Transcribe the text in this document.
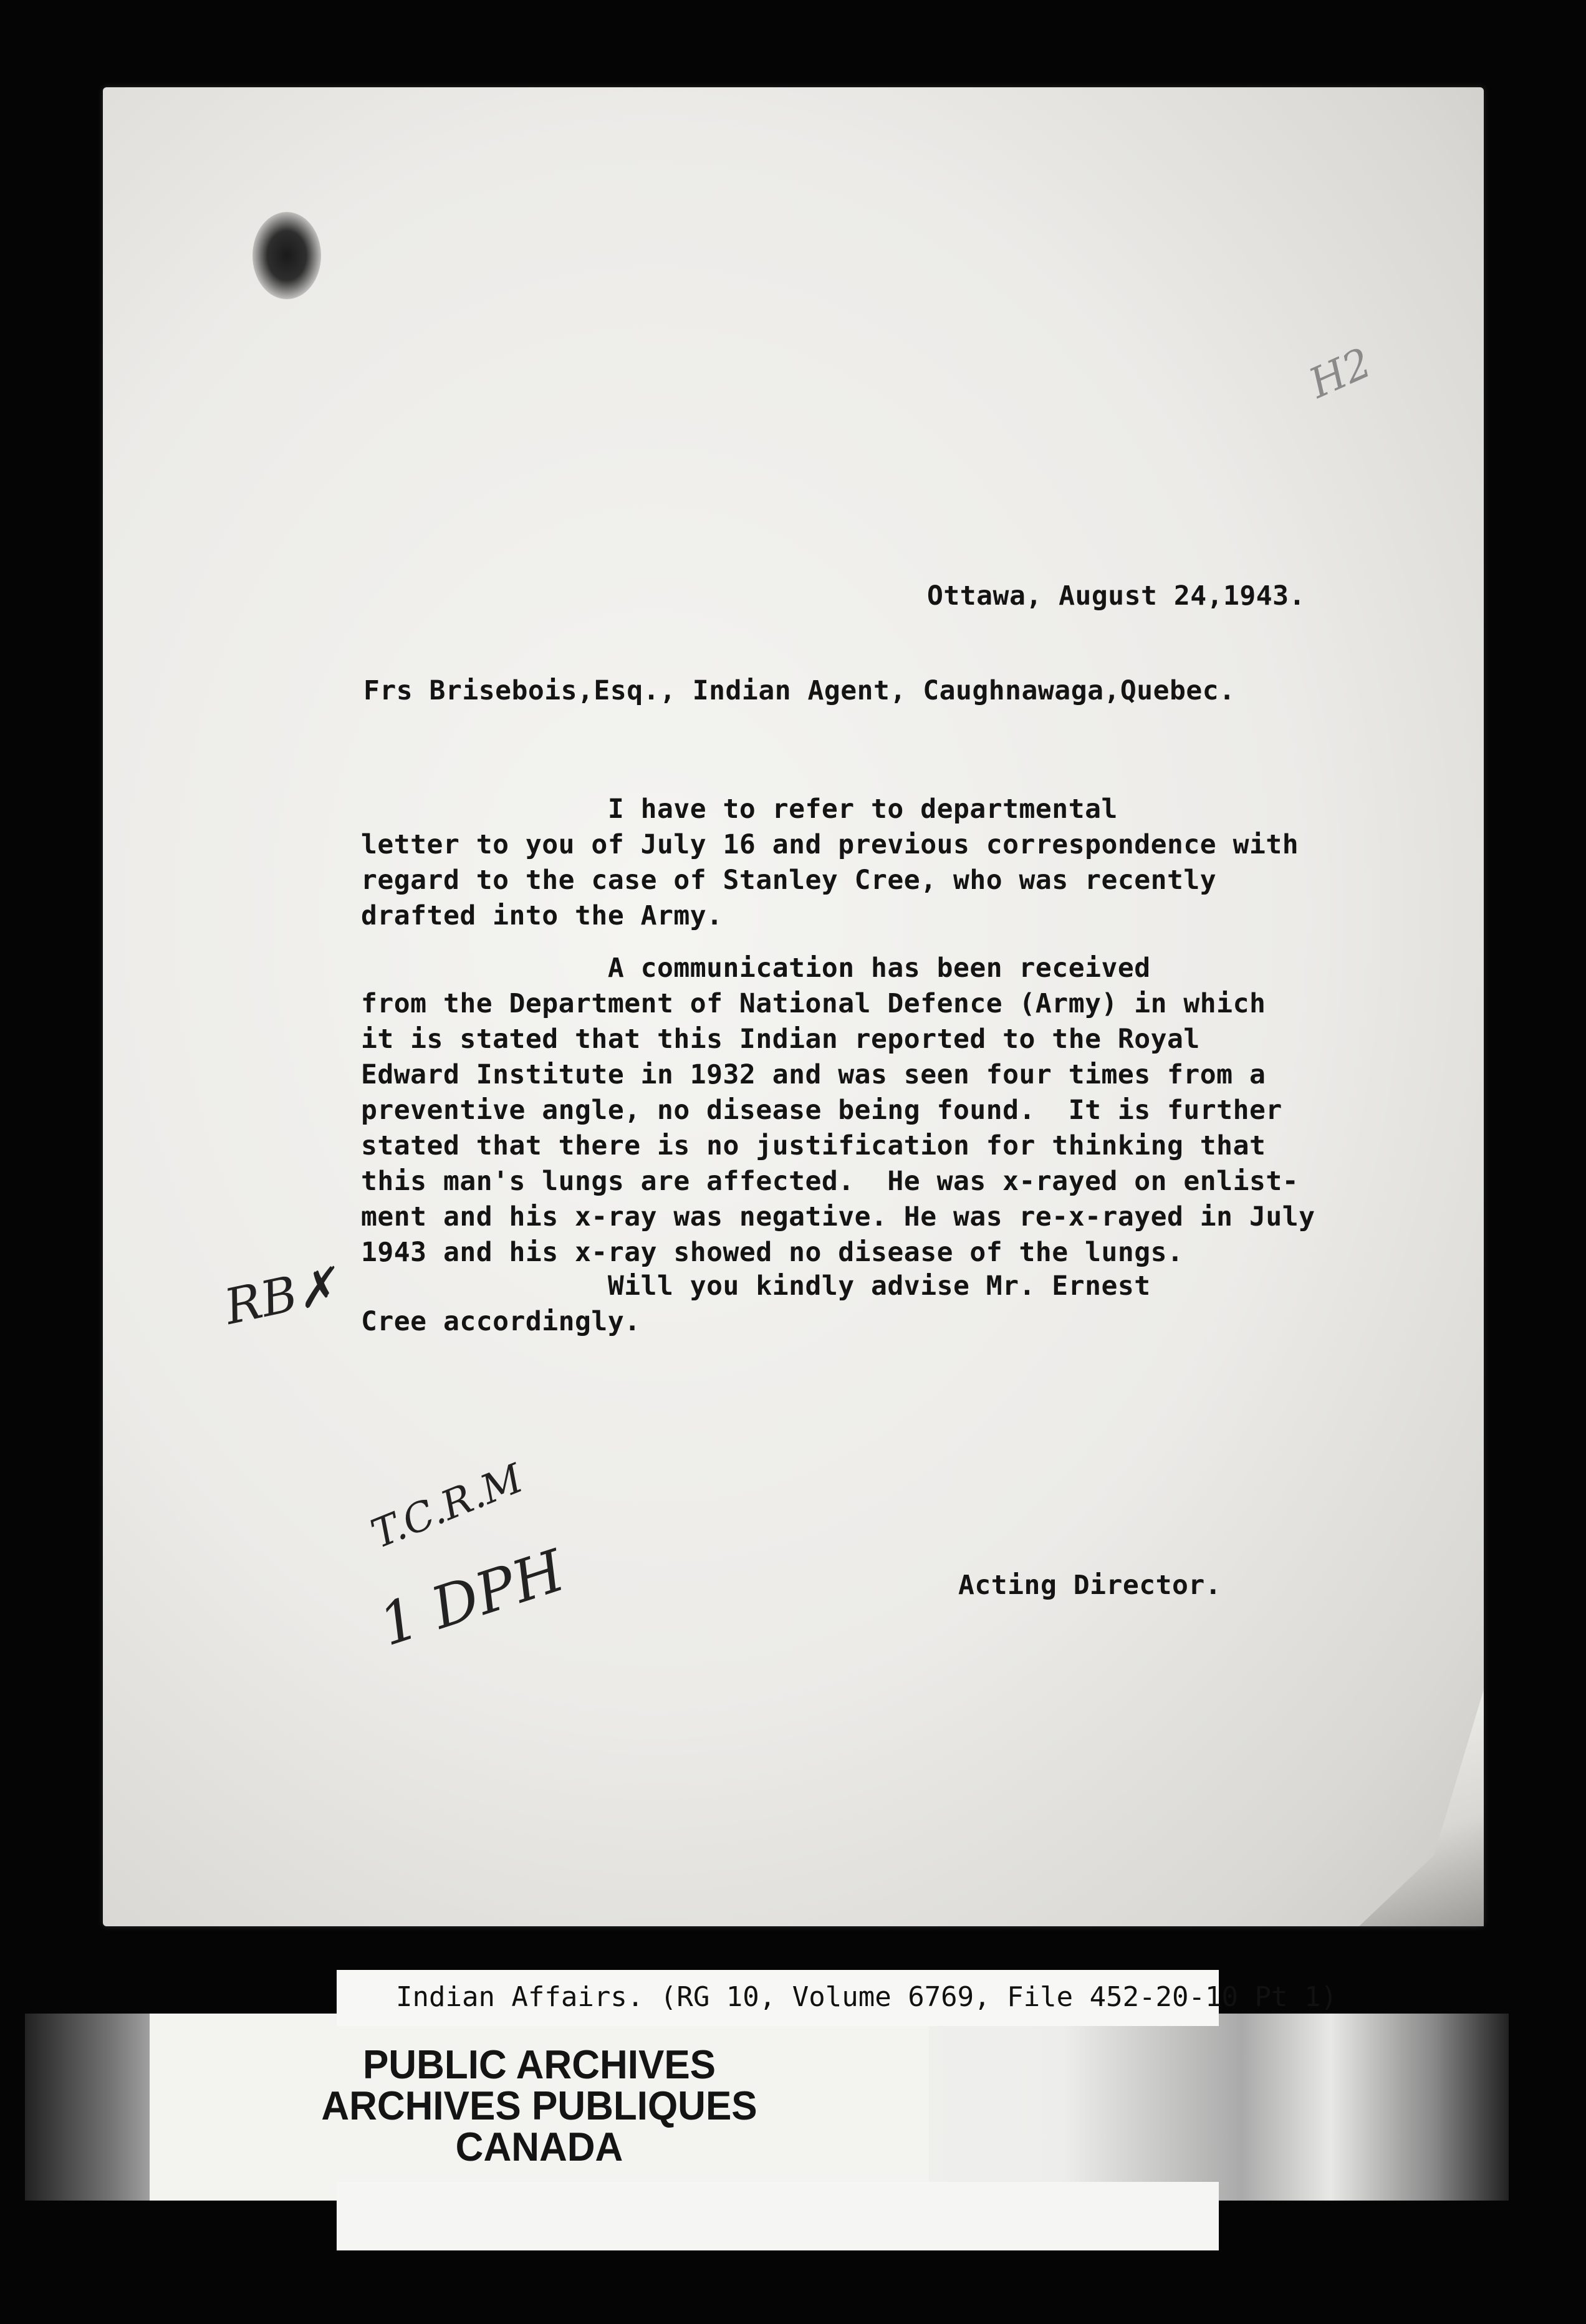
H2
Ottawa, August 24,1943.
Frs Brisebois,Esq., Indian Agent, Caughnawaga,Quebec.
I have to refer to departmental
letter to you of July 16 and previous correspondence with
regard to the case of Stanley Cree, who was recently
drafted into the Army.
A communication has been received
from the Department of National Defence (Army) in which
it is stated that this Indian reported to the Royal
Edward Institute in 1932 and was seen four times from a
preventive angle, no disease being found.  It is further
stated that there is no justification for thinking that
this man's lungs are affected.  He was x-rayed on enlist-
ment and his x-ray was negative. He was re-x-rayed in July
1943 and his x-ray showed no disease of the lungs.
Will you kindly advise Mr. Ernest
Cree accordingly.
RB✗
T.C.R.M
1 DPH	Acting Director.
PUBLIC ARCHIVES
ARCHIVES PUBLIQUES
CANADA
Indian Affairs. (RG 10, Volume 6769, File 452-20-10 Pt 1)
